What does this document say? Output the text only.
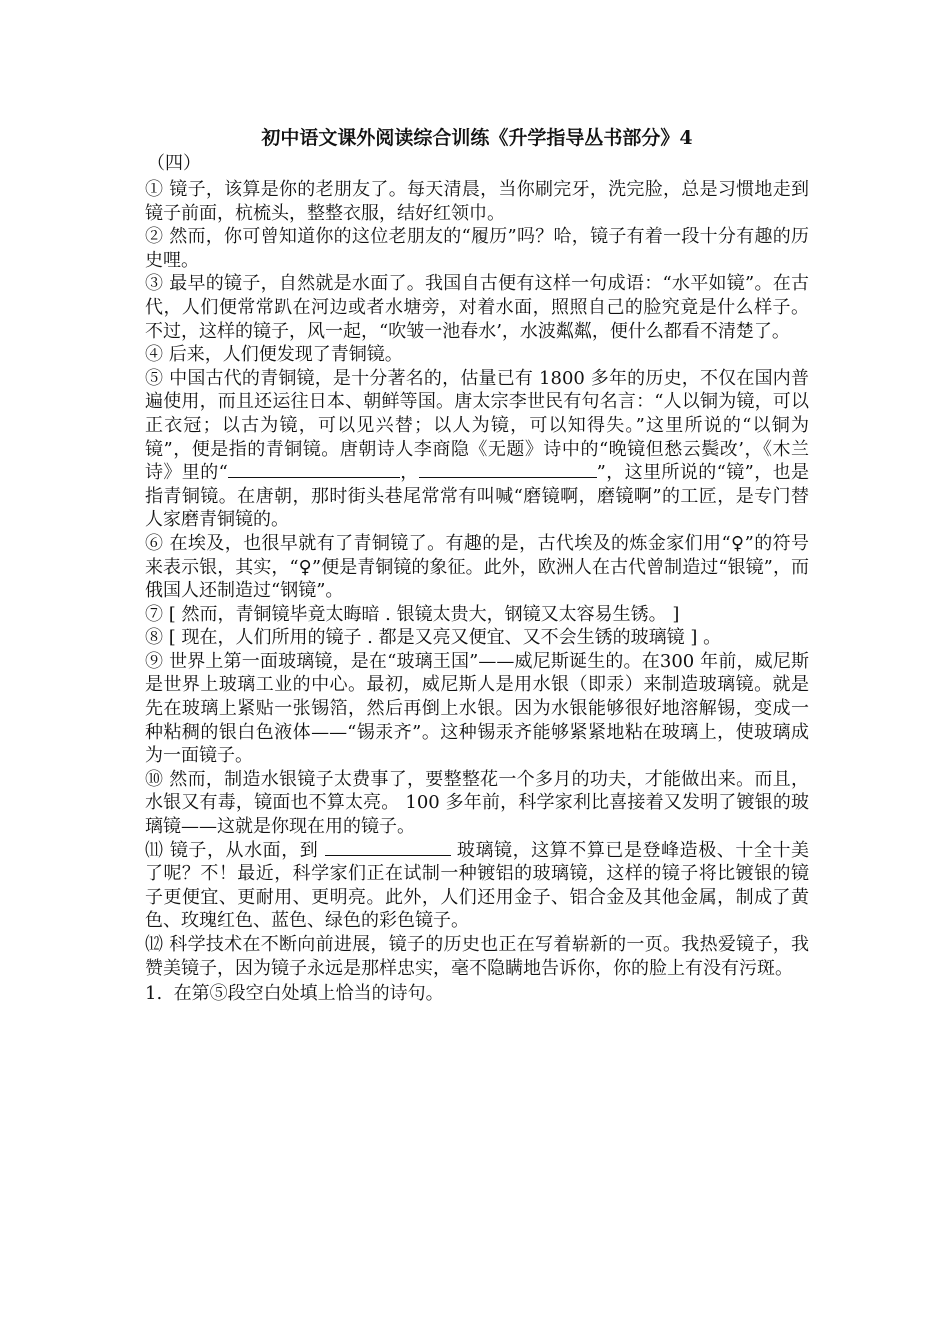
初中语文课外阅读综合训练《升学指导丛书部分》4
（四）

① 镜子，该算是你的老朋友了。每天清晨，当你刷完牙，洗完脸，总是习惯地走到镜子前面，杭梳头，整整衣服，结好红领巾。

② 然而，你可曾知道你的这位老朋友的“履历”吗？哈，镜子有着一段十分有趣的历史哩。

③ 最早的镜子，自然就是水面了。我国自古便有这样一句成语：“水平如镜”。在古代，人们便常常趴在河边或者水塘旁，对着水面，照照自己的脸究竟是什么样子。不过，这样的镜子，风一起，“吹皱一池春水’，水波粼粼，便什么都看不清楚了。

④ 后来，人们便发现了青铜镜。

⑤ 中国古代的青铜镜，是十分著名的，估量已有 1800 多年的历史，不仅在国内普遍使用，而且还运往日本、朝鲜等国。唐太宗李世民有句名言：“人以铜为镜，可以正衣冠；以古为镜，可以见兴替；以人为镜，可以知得失。”这里所说的“以铜为镜”，便是指的青铜镜。唐朝诗人李商隐《无题》诗中的“晚镜但愁云鬓改’，《木兰诗》里的“	，	”，这里所说的“镜”，也是指青铜镜。在唐朝，那时街头巷尾常常有叫喊“磨镜啊，磨镜啊”的工匠，是专门替人家磨青铜镜的。

⑥ 在埃及，也很早就有了青铜镜了。有趣的是，古代埃及的炼金家们用“♀”的符号来表示银，其实，“♀”便是青铜镜的象征。此外，欧洲人在古代曾制造过“银镜”，而俄国人还制造过“钢镜”。

⑦ [ 然而，青铜镜毕竟太晦暗 . 银镜太贵大，钢镜又太容易生锈。 ]

⑧ [ 现在，人们所用的镜子 . 都是又亮又便宜、又不会生锈的玻璃镜 ] 。

⑨ 世界上第一面玻璃镜，是在“玻璃王国”——威尼斯诞生的。在300 年前，威尼斯是世界上玻璃工业的中心。最初，威尼斯人是用水银（即汞）来制造玻璃镜。就是先在玻璃上紧贴一张锡箔，然后再倒上水银。因为水银能够很好地溶解锡，变成一种粘稠的银白色液体——“锡汞齐”。这种锡汞齐能够紧紧地粘在玻璃上，使玻璃成为一面镜子。

⑩ 然而，制造水银镜子太费事了，要整整花一个多月的功夫，才能做出来。而且，水银又有毒，镜面也不算太亮。 100 多年前，科学家利比喜接着又发明了镀银的玻璃镜——这就是你现在用的镜子。

⑾ 镜子，从水面，到	玻璃镜，这算不算已是登峰造极、十全十美了呢？不！最近，科学家们正在试制一种镀铝的玻璃镜，这样的镜子将比镀银的镜子更便宜、更耐用、更明亮。此外，人们还用金子、铝合金及其他金属，制成了黄色、玫瑰红色、蓝色、绿色的彩色镜子。

⑿ 科学技术在不断向前进展，镜子的历史也正在写着崭新的一页。我热爱镜子，我赞美镜子，因为镜子永远是那样忠实，毫不隐瞒地告诉你，你的脸上有没有污斑。

1.  在第⑤段空白处填上恰当的诗句。
